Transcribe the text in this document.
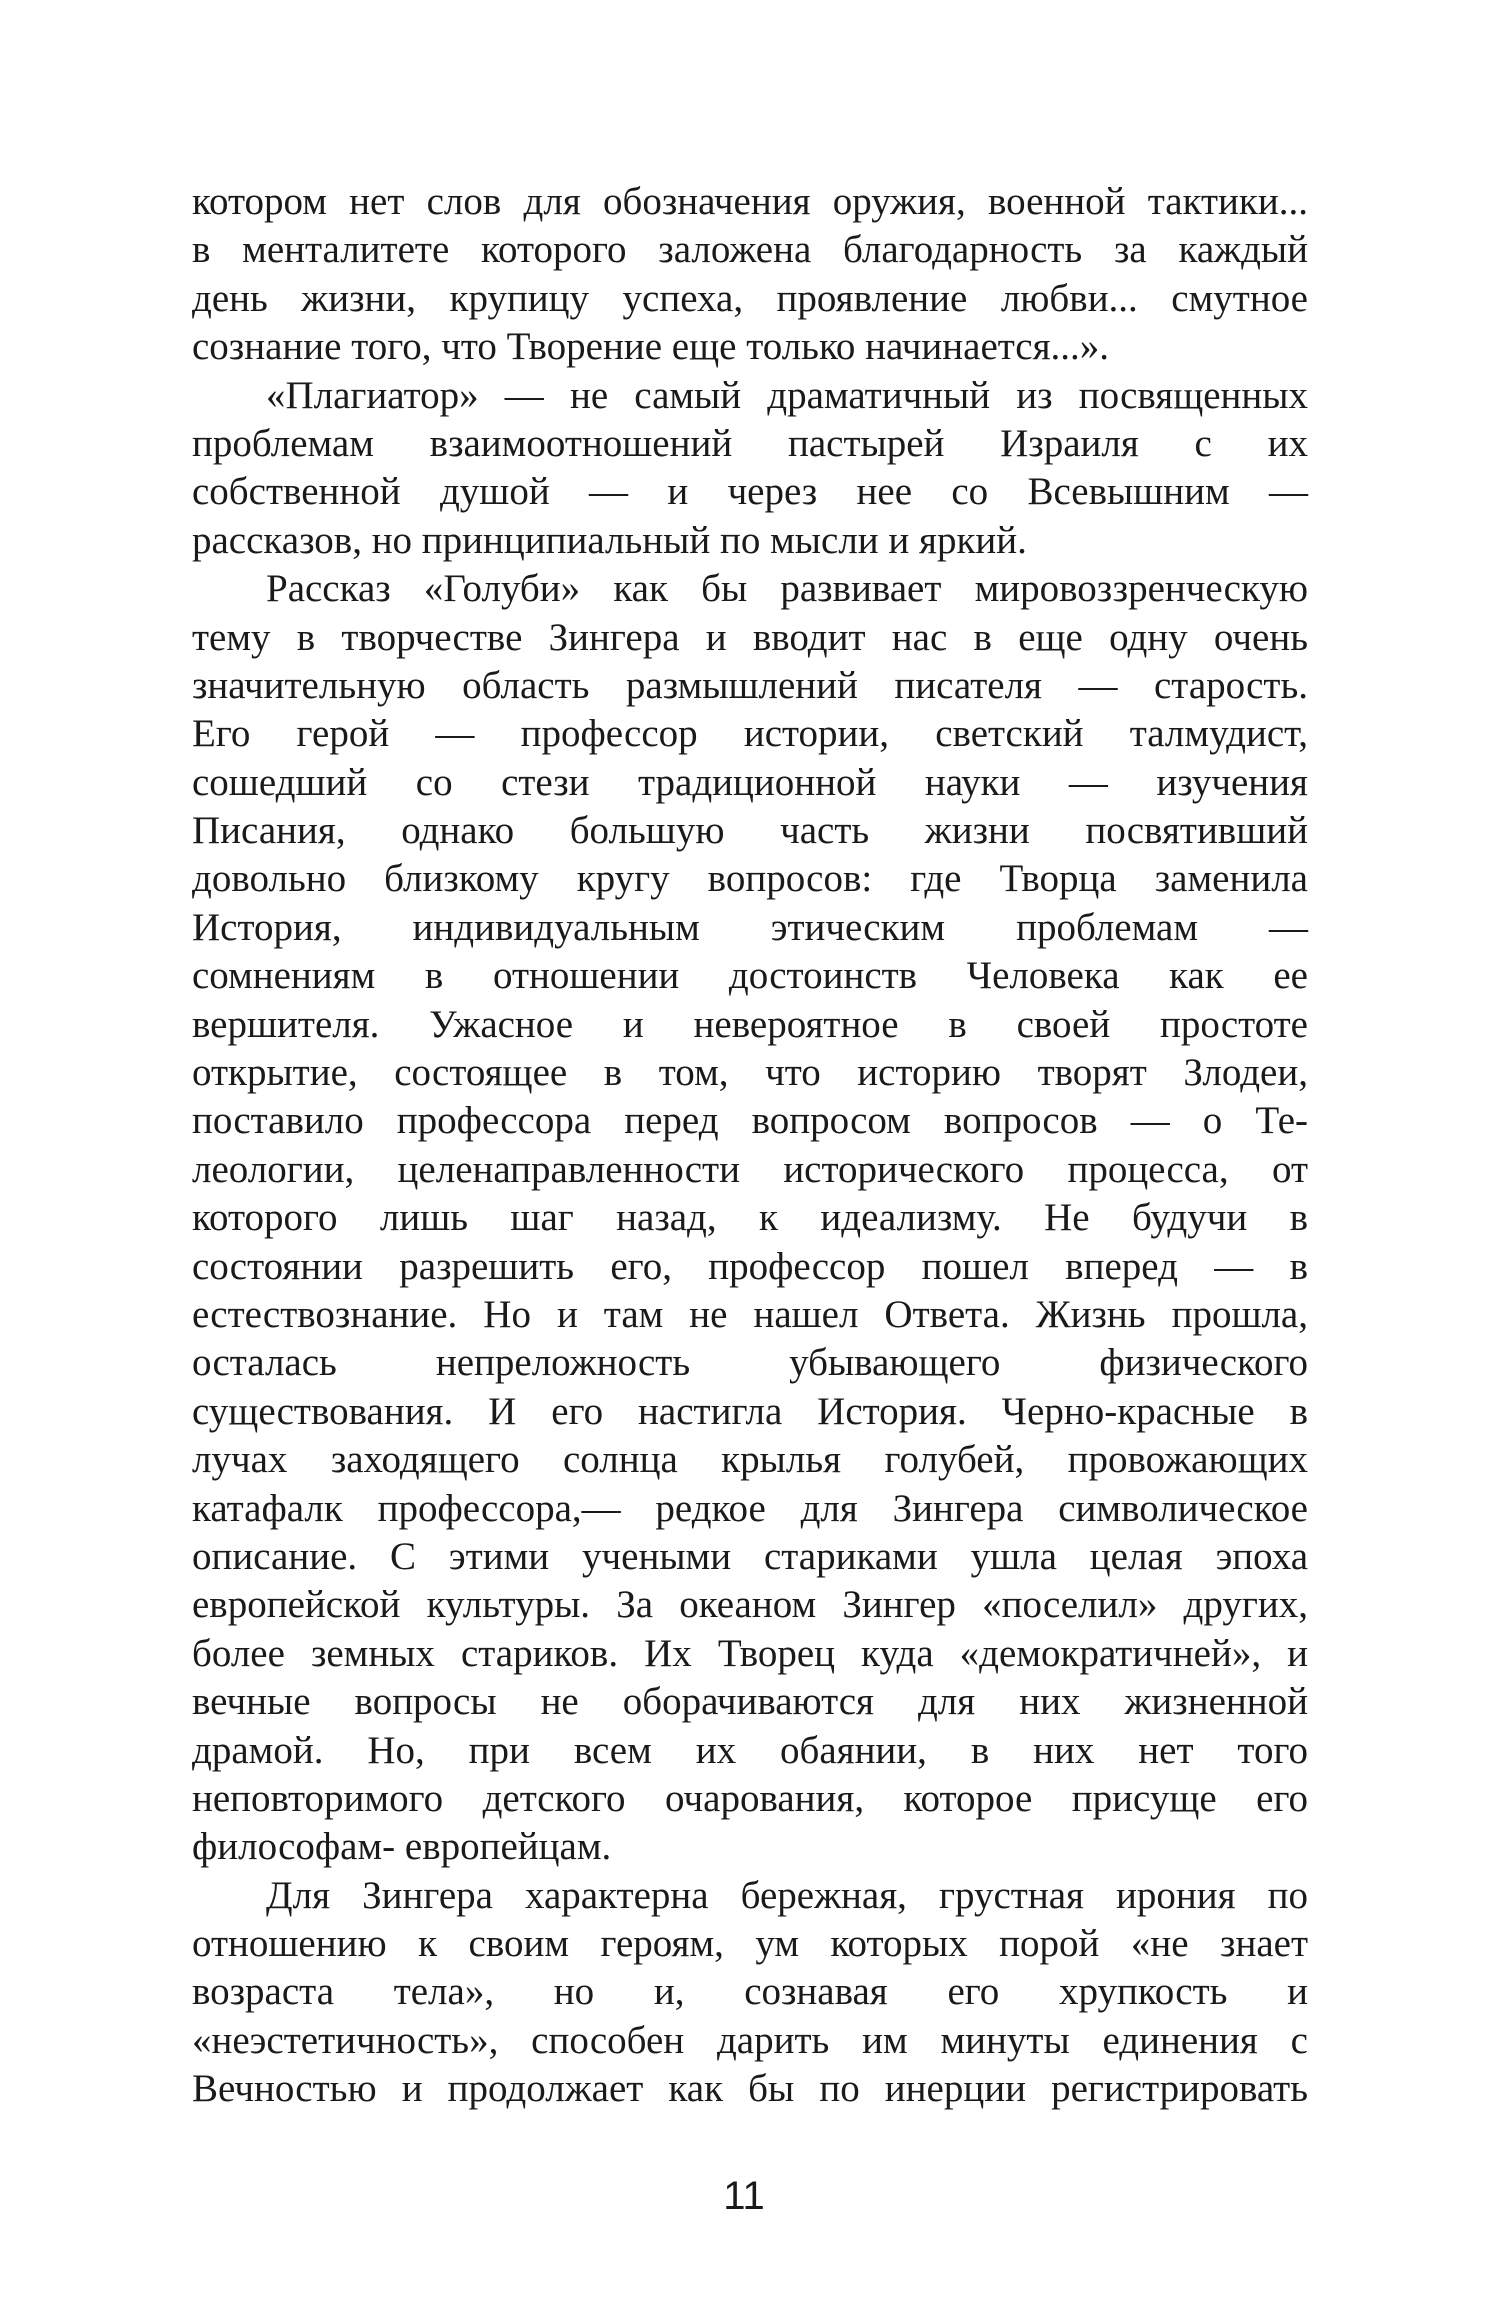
котором нет слов для обозначения оружия, военной тактики...
в менталитете которого заложена благодарность за каждый
день жизни, крупицу успеха, проявление любви... смутное
сознание того, что Творение еще только начинается...».
«Плагиатор» — не самый драматичный из посвященных
проблемам взаимоотношений пастырей Израиля с их
собственной душой — и через нее со Всевышним —
рассказов, но принципиальный по мысли и яркий.
Рассказ «Голуби» как бы развивает мировоззренческую
тему в творчестве Зингера и вводит нас в еще одну очень
значительную область размышлений писателя — старость.
Его герой — профессор истории, светский талмудист,
сошедший со стези традиционной науки — изучения
Писания, однако большую часть жизни посвятивший
довольно близкому кругу вопросов: где Творца заменила
История, индивидуальным этическим проблемам —
сомнениям в отношении достоинств Человека как ее
вершителя. Ужасное и невероятное в своей простоте
открытие, состоящее в том, что историю творят Злодеи,
поставило профессора перед вопросом вопросов — о Те-
леологии, целенаправленности исторического процесса, от
которого лишь шаг назад, к идеализму. Не будучи в
состоянии разрешить его, профессор пошел вперед — в
естествознание. Но и там не нашел Ответа. Жизнь прошла,
осталась непреложность убывающего физического
существования. И его настигла История. Черно-красные в
лучах заходящего солнца крылья голубей, провожающих
катафалк профессора,— редкое для Зингера символическое
описание. С этими учеными стариками ушла целая эпоха
европейской культуры. За океаном Зингер «поселил» других,
более земных стариков. Их Творец куда «демократичней», и
вечные вопросы не оборачиваются для них жизненной
драмой. Но, при всем их обаянии, в них нет того
неповторимого детского очарования, которое присуще его
философам- европейцам.
Для Зингера характерна бережная, грустная ирония по
отношению к своим героям, ум которых порой «не знает
возраста тела», но и, сознавая его хрупкость и
«неэстетичность», способен дарить им минуты единения с
Вечностью и продолжает как бы по инерции регистрировать
11
